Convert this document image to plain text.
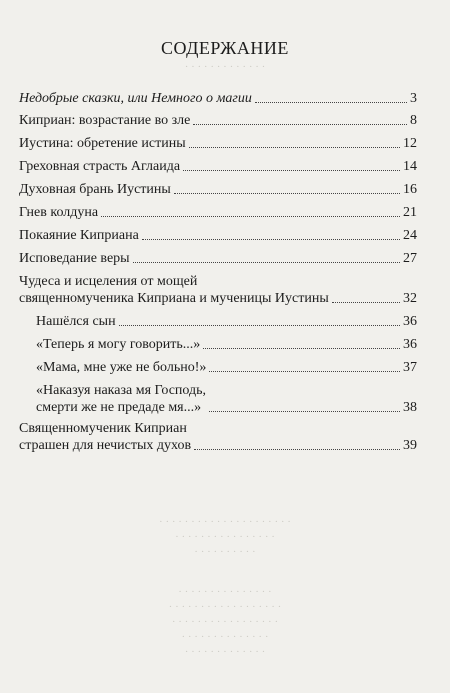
· · · · · · · · · · · · ·
· · · · · · · · · · · · · · · · · · · · ·
· · · · · · · · · · · · · · · ·
· · · · · · · · · ·
· · · · · · · · · · · · · · ·
· · · · · · · · · · · · · · · · · ·
· · · · · · · · · · · · · · · · ·
· · · · · · · · · · · · · ·
· · · · · · · · · · · · ·
СОДЕРЖАНИЕ
Недобрые сказки, или Немного о магии	3
Киприан: возрастание во зле	8
Иустина: обретение истины	12
Греховная страсть Аглаида	14
Духовная брань Иустины	16
Гнев колдуна	21
Покаяние Киприана	24
Исповедание веры	27
Чудеса и исцеления от мощей
священномученика Киприана и мученицы Иустины	32
Нашёлся сын	36
«Теперь я могу говорить...»	36
«Мама, мне уже не больно!»	37
«Наказуя наказа мя Господь,
смерти же не предаде мя...»	38
Священномученик Киприан
страшен для нечистых духов	39
